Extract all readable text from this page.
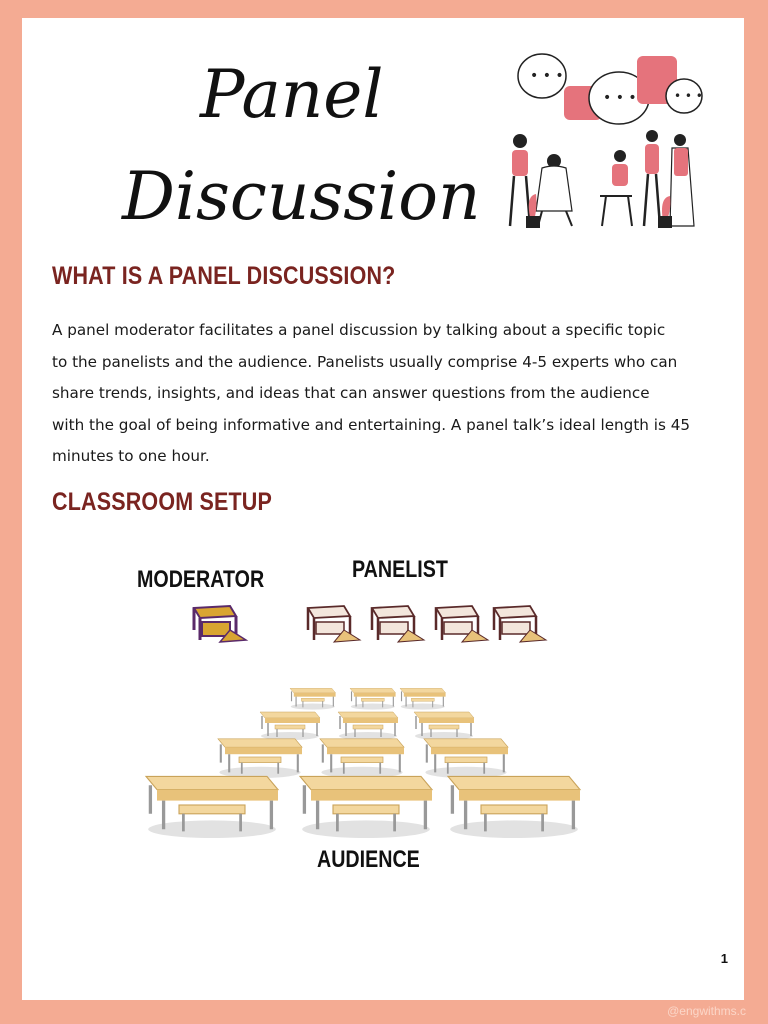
Panel
Discussion
• • •
• • •	• • •
WHAT IS A PANEL DISCUSSION?
A panel moderator facilitates a panel discussion by talking about a specific topic
to the panelists and the audience. Panelists usually comprise 4-5 experts who can
share trends, insights, and ideas that can answer questions from the audience
with the goal of being informative and entertaining. A panel talk’s ideal length is 45
minutes to one hour.
CLASSROOM SETUP
MODERATOR	PANELIST
AUDIENCE
1
@engwithms.c
